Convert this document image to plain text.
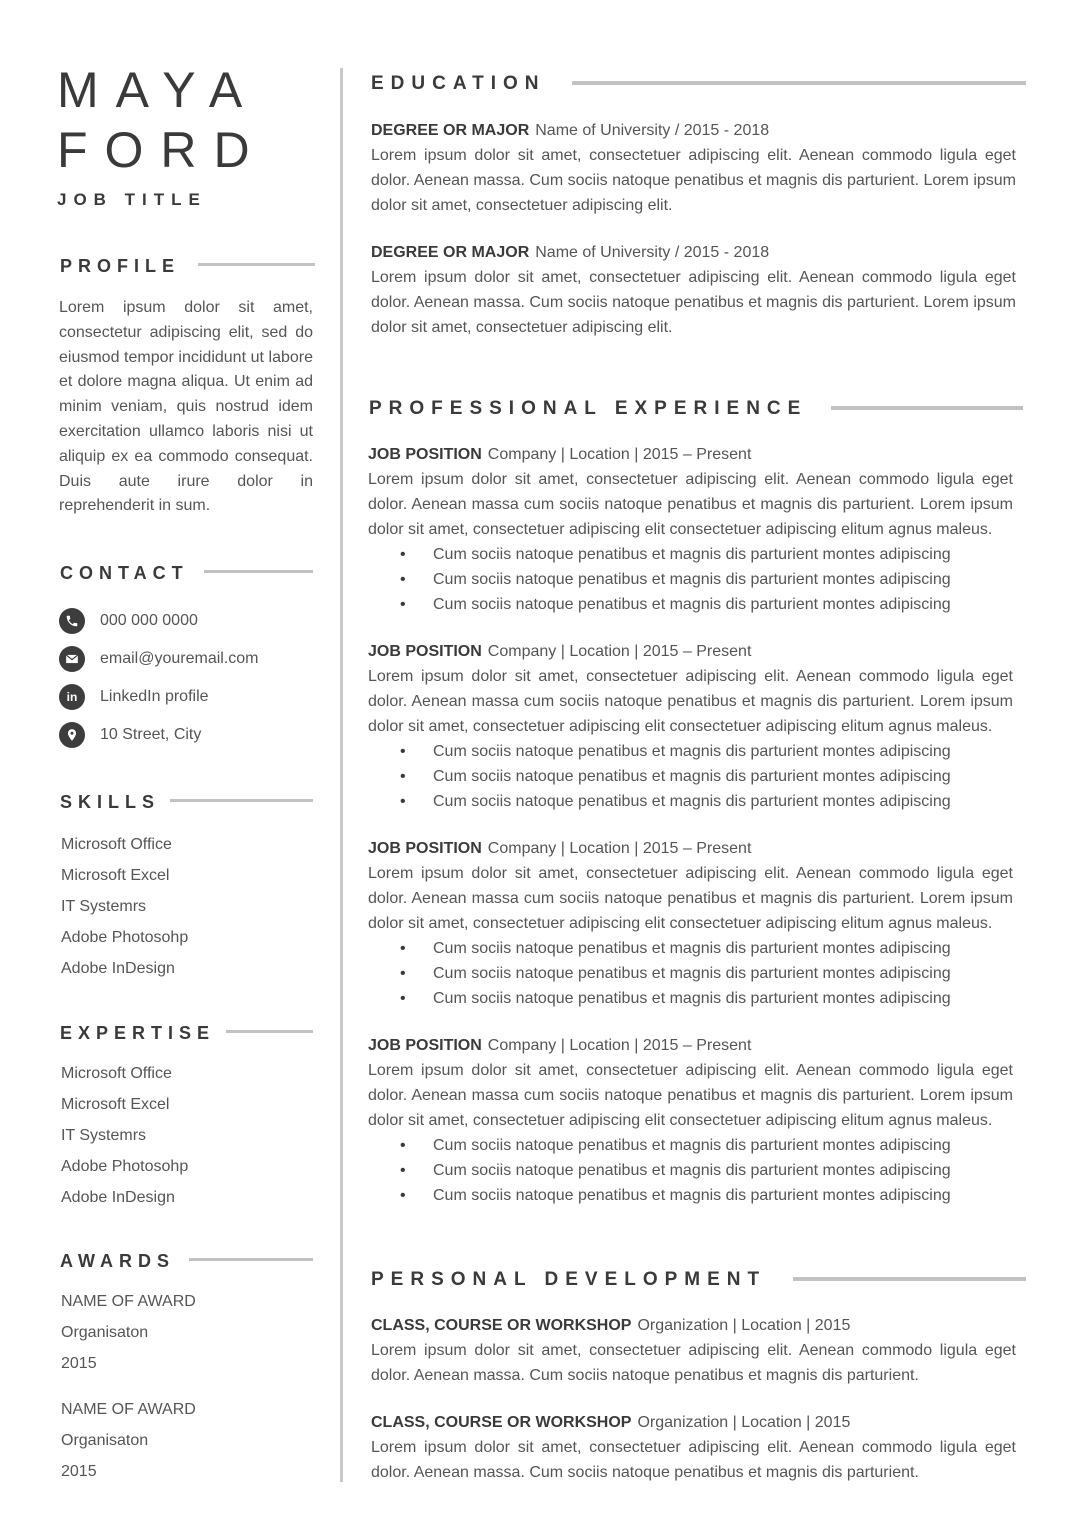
MAYA
FORD
JOB TITLE
PROFILE
Lorem ipsum dolor sit amet, consectetur adipiscing elit, sed do eiusmod tempor incididunt ut labore et dolore magna aliqua. Ut enim ad minim veniam, quis nostrud idem exercitation ullamco laboris nisi ut aliquip ex ea commodo consequat. Duis aute irure dolor in reprehenderit in sum.
CONTACT
000 000 0000
email@youremail.com
in LinkedIn profile
10 Street, City
SKILLS
Microsoft Office
Microsoft Excel
IT Systemrs
Adobe Photosohp
Adobe InDesign
EXPERTISE
Microsoft Office
Microsoft Excel
IT Systemrs
Adobe Photosohp
Adobe InDesign
AWARDS
NAME OF AWARD
Organisaton
2015
NAME OF AWARD
Organisaton
2015
EDUCATION
DEGREE OR MAJOR Name of University / 2015 - 2018

Lorem ipsum dolor sit amet, consectetuer adipiscing elit. Aenean commodo ligula eget dolor. Aenean massa. Cum sociis natoque penatibus et magnis dis parturient. Lorem ipsum dolor sit amet, consectetuer adipiscing elit.

DEGREE OR MAJOR Name of University / 2015 - 2018

Lorem ipsum dolor sit amet, consectetuer adipiscing elit. Aenean commodo ligula eget dolor. Aenean massa. Cum sociis natoque penatibus et magnis dis parturient. Lorem ipsum dolor sit amet, consectetuer adipiscing elit.

PROFESSIONAL EXPERIENCE
JOB POSITION Company | Location | 2015 – Present

Lorem ipsum dolor sit amet, consectetuer adipiscing elit. Aenean commodo ligula eget dolor. Aenean massa cum sociis natoque penatibus et magnis dis parturient. Lorem ipsum dolor sit amet, consectetuer adipiscing elit consectetuer adipiscing elitum agnus maleus.

• Cum sociis natoque penatibus et magnis dis parturient montes adipiscing
• Cum sociis natoque penatibus et magnis dis parturient montes adipiscing
• Cum sociis natoque penatibus et magnis dis parturient montes adipiscing
JOB POSITION Company | Location | 2015 – Present

Lorem ipsum dolor sit amet, consectetuer adipiscing elit. Aenean commodo ligula eget dolor. Aenean massa cum sociis natoque penatibus et magnis dis parturient. Lorem ipsum dolor sit amet, consectetuer adipiscing elit consectetuer adipiscing elitum agnus maleus.

• Cum sociis natoque penatibus et magnis dis parturient montes adipiscing
• Cum sociis natoque penatibus et magnis dis parturient montes adipiscing
• Cum sociis natoque penatibus et magnis dis parturient montes adipiscing
JOB POSITION Company | Location | 2015 – Present

Lorem ipsum dolor sit amet, consectetuer adipiscing elit. Aenean commodo ligula eget dolor. Aenean massa cum sociis natoque penatibus et magnis dis parturient. Lorem ipsum dolor sit amet, consectetuer adipiscing elit consectetuer adipiscing elitum agnus maleus.

• Cum sociis natoque penatibus et magnis dis parturient montes adipiscing
• Cum sociis natoque penatibus et magnis dis parturient montes adipiscing
• Cum sociis natoque penatibus et magnis dis parturient montes adipiscing
JOB POSITION Company | Location | 2015 – Present

Lorem ipsum dolor sit amet, consectetuer adipiscing elit. Aenean commodo ligula eget dolor. Aenean massa cum sociis natoque penatibus et magnis dis parturient. Lorem ipsum dolor sit amet, consectetuer adipiscing elit consectetuer adipiscing elitum agnus maleus.

• Cum sociis natoque penatibus et magnis dis parturient montes adipiscing
• Cum sociis natoque penatibus et magnis dis parturient montes adipiscing
• Cum sociis natoque penatibus et magnis dis parturient montes adipiscing
PERSONAL DEVELOPMENT
CLASS, COURSE OR WORKSHOP Organization | Location | 2015

Lorem ipsum dolor sit amet, consectetuer adipiscing elit. Aenean commodo ligula eget dolor. Aenean massa. Cum sociis natoque penatibus et magnis dis parturient.

CLASS, COURSE OR WORKSHOP Organization | Location | 2015

Lorem ipsum dolor sit amet, consectetuer adipiscing elit. Aenean commodo ligula eget dolor. Aenean massa. Cum sociis natoque penatibus et magnis dis parturient.
